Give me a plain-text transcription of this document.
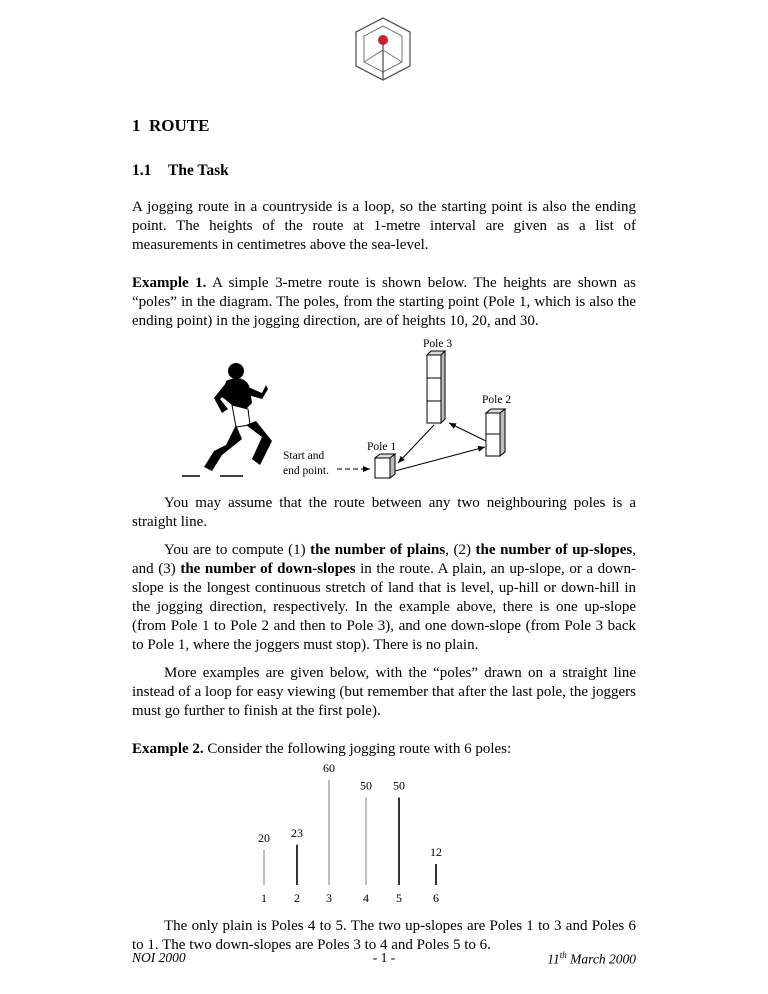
1 ROUTE
1.1 The Task

A jogging route in a countryside is a loop, so the starting point is also the ending point. The heights of the route at 1-metre interval are given as a list of measurements in centimetres above the sea-level.

Example 1. A simple 3-metre route is shown below. The heights are shown as “poles” in the diagram. The poles, from the starting point (Pole 1, which is also the ending point) in the jogging direction, are of heights 10, 20, and 30.

Pole 3
Pole 2
Pole 1
Start and
end point.

You may assume that the route between any two neighbouring poles is a straight line.

You are to compute (1) the number of plains, (2) the number of up-slopes, and (3) the number of down-slopes in the route. A plain, an up-slope, or a down-slope is the longest continuous stretch of land that is level, up-hill or down-hill in the jogging direction, respectively. In the example above, there is one up-slope (from Pole 1 to Pole 2 and then to Pole 3), and one down-slope (from Pole 3 back to Pole 1, where the joggers must stop). There is no plain.

More examples are given below, with the “poles” drawn on a straight line instead of a loop for easy viewing (but remember that after the last pole, the joggers must go further to finish at the first pole).

Example 2. Consider the following jogging route with 6 poles:

20
1
23
2
60
3
50
4
50
5
12
6

The only plain is Poles 4 to 5. The two up-slopes are Poles 1 to 3 and Poles 6 to 1. The two down-slopes are Poles 3 to 4 and Poles 5 to 6.

NOI 2000	- 1 -	11th March 2000
